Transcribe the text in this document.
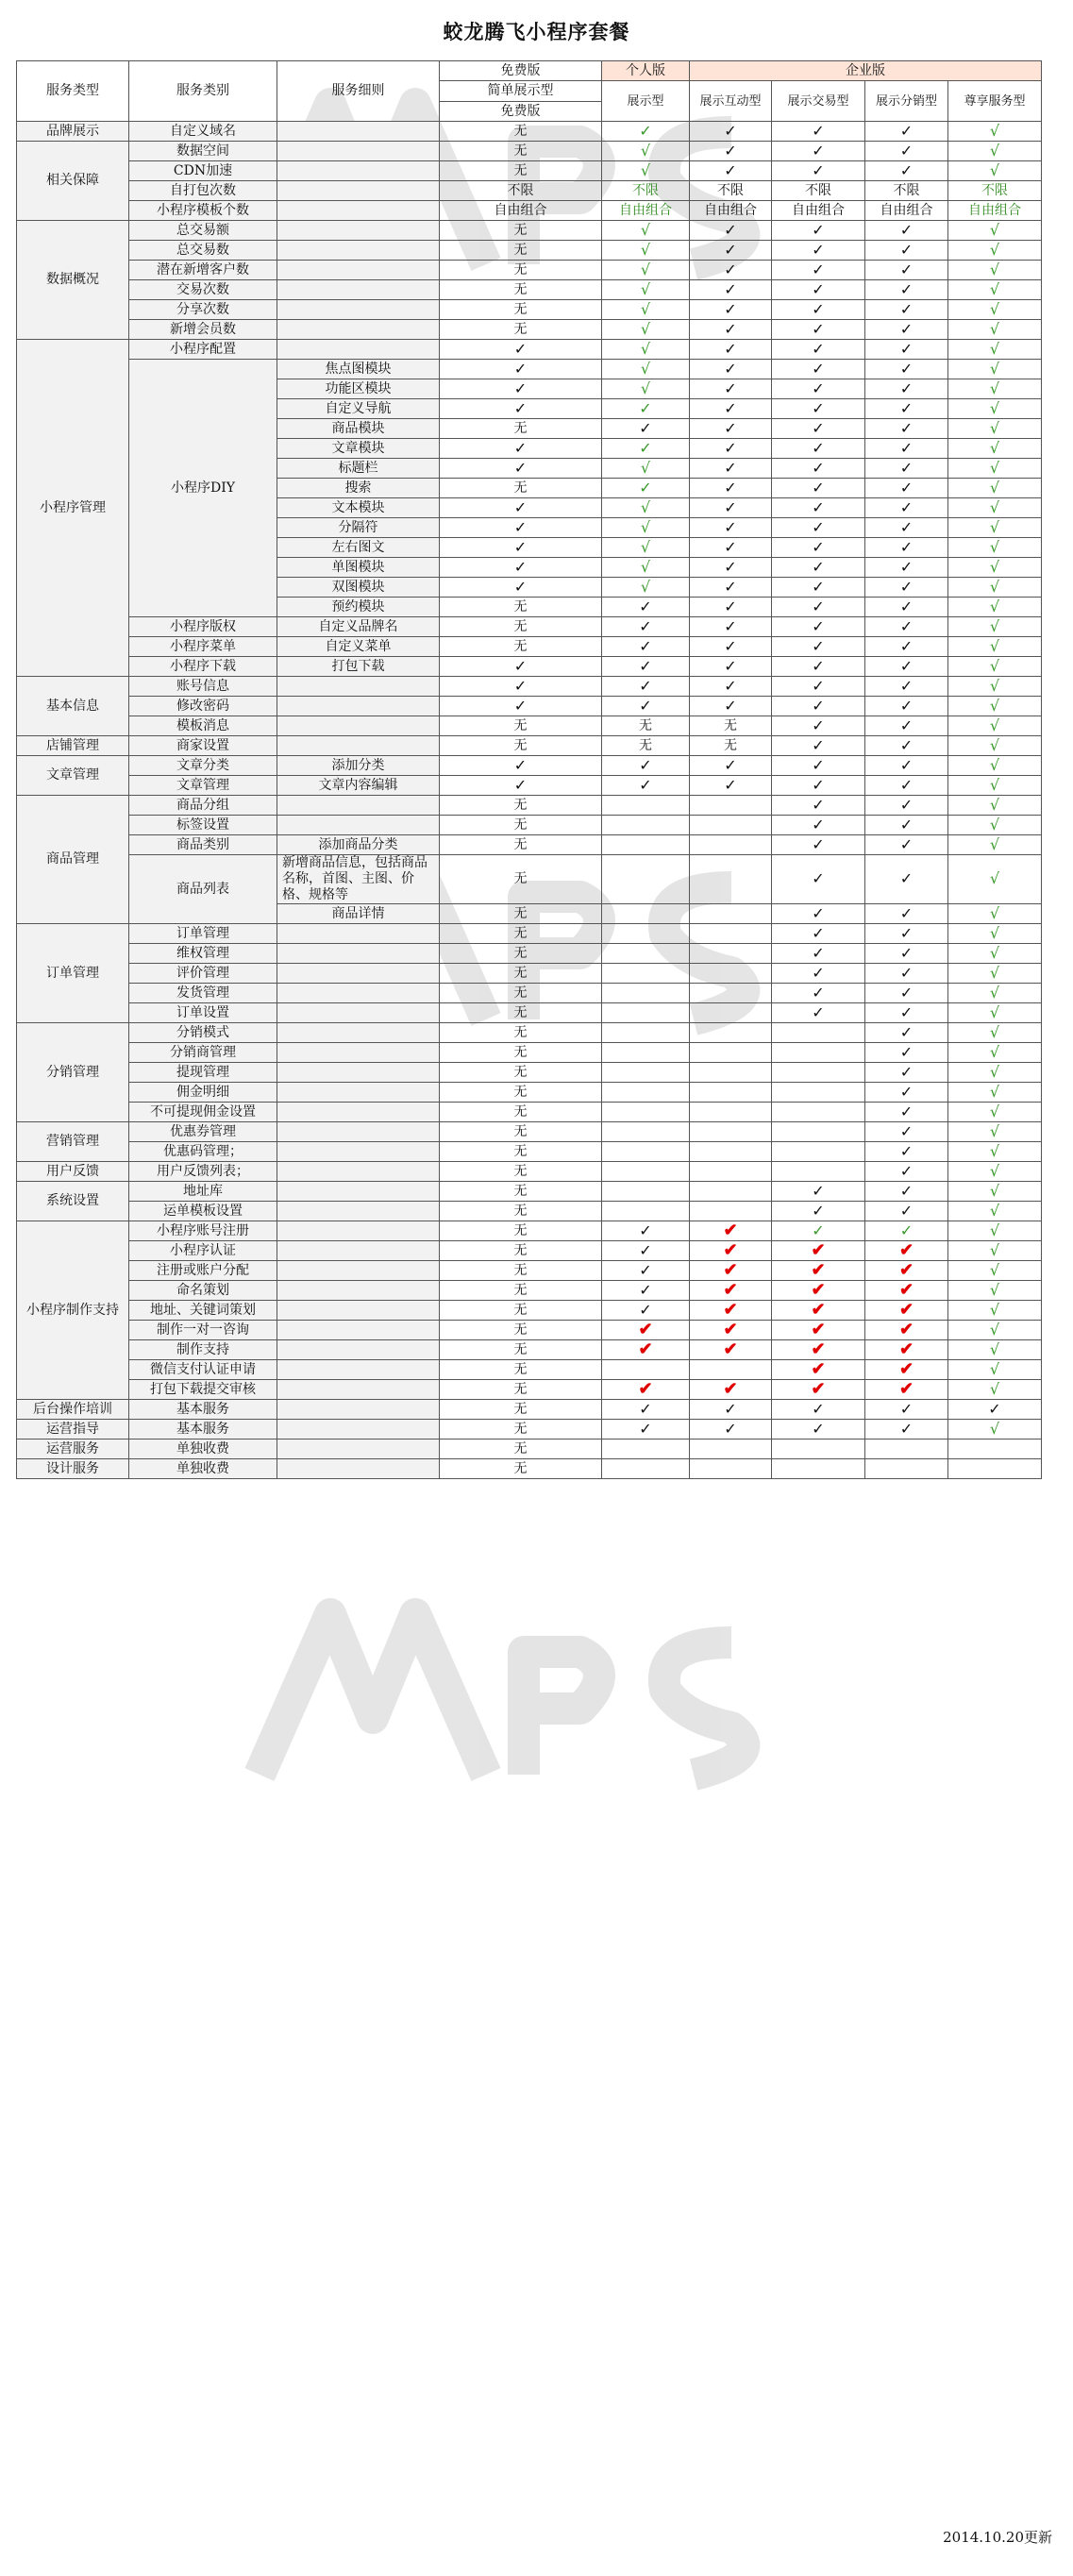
蛟龙腾飞小程序套餐
服务类型	服务类别	服务细则	免费版	个人版	企业版			
			简单展示型	展示型	展示互动型	展示交易型	展示分销型	尊享服务型
			免费版					
品牌展示	自定义域名		无	✓	✓	✓	✓	√
相关保障	数据空间		无	√	✓	✓	✓	√
	CDN加速		无	√	✓	✓	✓	√
	自打包次数		不限	不限	不限	不限	不限	不限
	小程序模板个数		自由组合	自由组合	自由组合	自由组合	自由组合	自由组合
数据概况	总交易额		无	√	✓	✓	✓	√
	总交易数		无	√	✓	✓	✓	√
	潜在新增客户数		无	√	✓	✓	✓	√
	交易次数		无	√	✓	✓	✓	√
	分享次数		无	√	✓	✓	✓	√
	新增会员数		无	√	✓	✓	✓	√
小程序管理	小程序配置		✓	√	✓	✓	✓	√
	小程序DIY	焦点图模块	✓	√	✓	✓	✓	√
		功能区模块	✓	√	✓	✓	✓	√
		自定义导航	✓	✓	✓	✓	✓	√
		商品模块	无	✓	✓	✓	✓	√
		文章模块	✓	✓	✓	✓	✓	√
		标题栏	✓	√	✓	✓	✓	√
		搜索	无	✓	✓	✓	✓	√
		文本模块	✓	√	✓	✓	✓	√
		分隔符	✓	√	✓	✓	✓	√
		左右图文	✓	√	✓	✓	✓	√
		单图模块	✓	√	✓	✓	✓	√
		双图模块	✓	√	✓	✓	✓	√
		预约模块	无	✓	✓	✓	✓	√
	小程序版权	自定义品牌名	无	✓	✓	✓	✓	√
	小程序菜单	自定义菜单	无	✓	✓	✓	✓	√
	小程序下载	打包下载	✓	✓	✓	✓	✓	√
基本信息	账号信息		✓	✓	✓	✓	✓	√
	修改密码		✓	✓	✓	✓	✓	√
	模板消息		无	无	无	✓	✓	√
店铺管理	商家设置		无	无	无	✓	✓	√
文章管理	文章分类	添加分类	✓	✓	✓	✓	✓	√
	文章管理	文章内容编辑	✓	✓	✓	✓	✓	√
商品管理	商品分组		无			✓	✓	√
	标签设置		无			✓	✓	√
	商品类别	添加商品分类	无			✓	✓	√
	商品列表	新增商品信息，包括商品名称，首图、主图、价格、规格等	无			✓	✓	√
		商品详情	无			✓	✓	√
订单管理	订单管理		无			✓	✓	√
	维权管理		无			✓	✓	√
	评价管理		无			✓	✓	√
	发货管理		无			✓	✓	√
	订单设置		无			✓	✓	√
分销管理	分销模式		无				✓	√
	分销商管理		无				✓	√
	提现管理		无				✓	√
	佣金明细		无				✓	√
	不可提现佣金设置		无				✓	√
营销管理	优惠券管理		无				✓	√
	优惠码管理；		无				✓	√
用户反馈	用户反馈列表；		无				✓	√
系统设置	地址库		无			✓	✓	√
	运单模板设置		无			✓	✓	√
小程序制作支持	小程序账号注册		无	✓	✔	✓	✓	√
	小程序认证		无	✓	✔	✔	✔	√
	注册或账户分配		无	✓	✔	✔	✔	√
	命名策划		无	✓	✔	✔	✔	√
	地址、关键词策划		无	✓	✔	✔	✔	√
	制作一对一咨询		无	✔	✔	✔	✔	√
	制作支持		无	✔	✔	✔	✔	√
	微信支付认证申请		无			✔	✔	√
	打包下载提交审核		无	✔	✔	✔	✔	√
后台操作培训	基本服务		无	✓	✓	✓	✓	✓
运营指导	基本服务		无	✓	✓	✓	✓	√
运营服务	单独收费		无					
设计服务	单独收费		无					
2014.10.20更新
